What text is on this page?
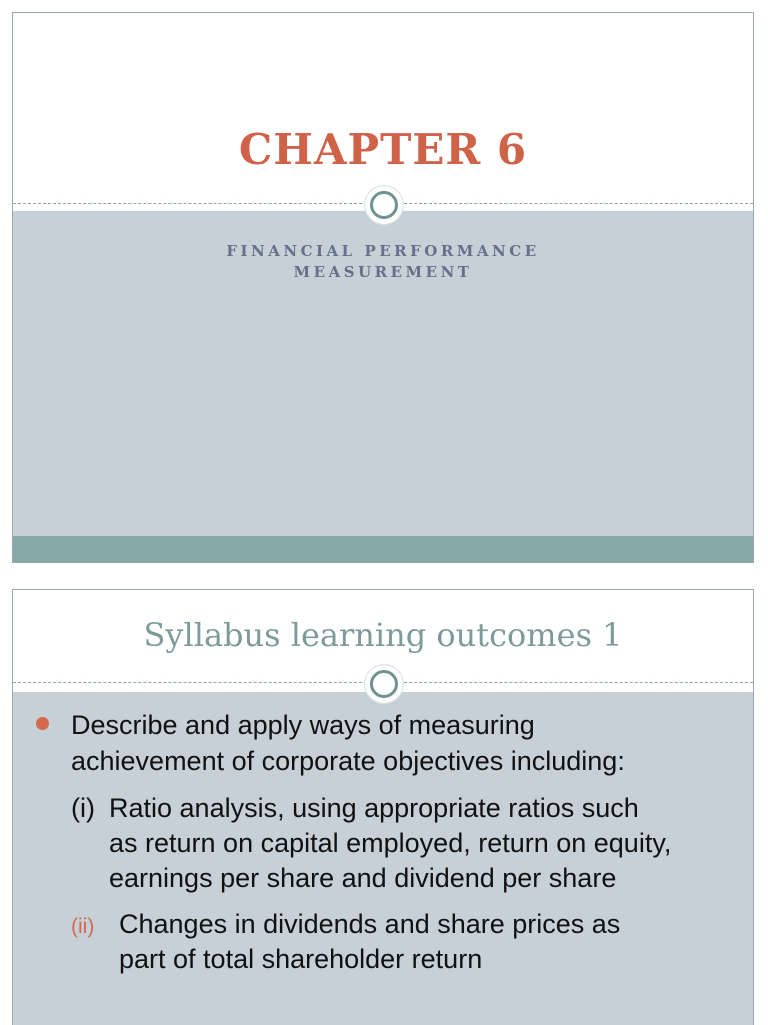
CHAPTER 6
FINANCIAL PERFORMANCE
MEASUREMENT
Syllabus learning outcomes 1
Describe and apply ways of measuring
achievement of corporate objectives including:
(i) Ratio analysis, using appropriate ratios such
as return on capital employed, return on equity,
earnings per share and dividend per share
(ii) Changes in dividends and share prices as
part of total shareholder return
